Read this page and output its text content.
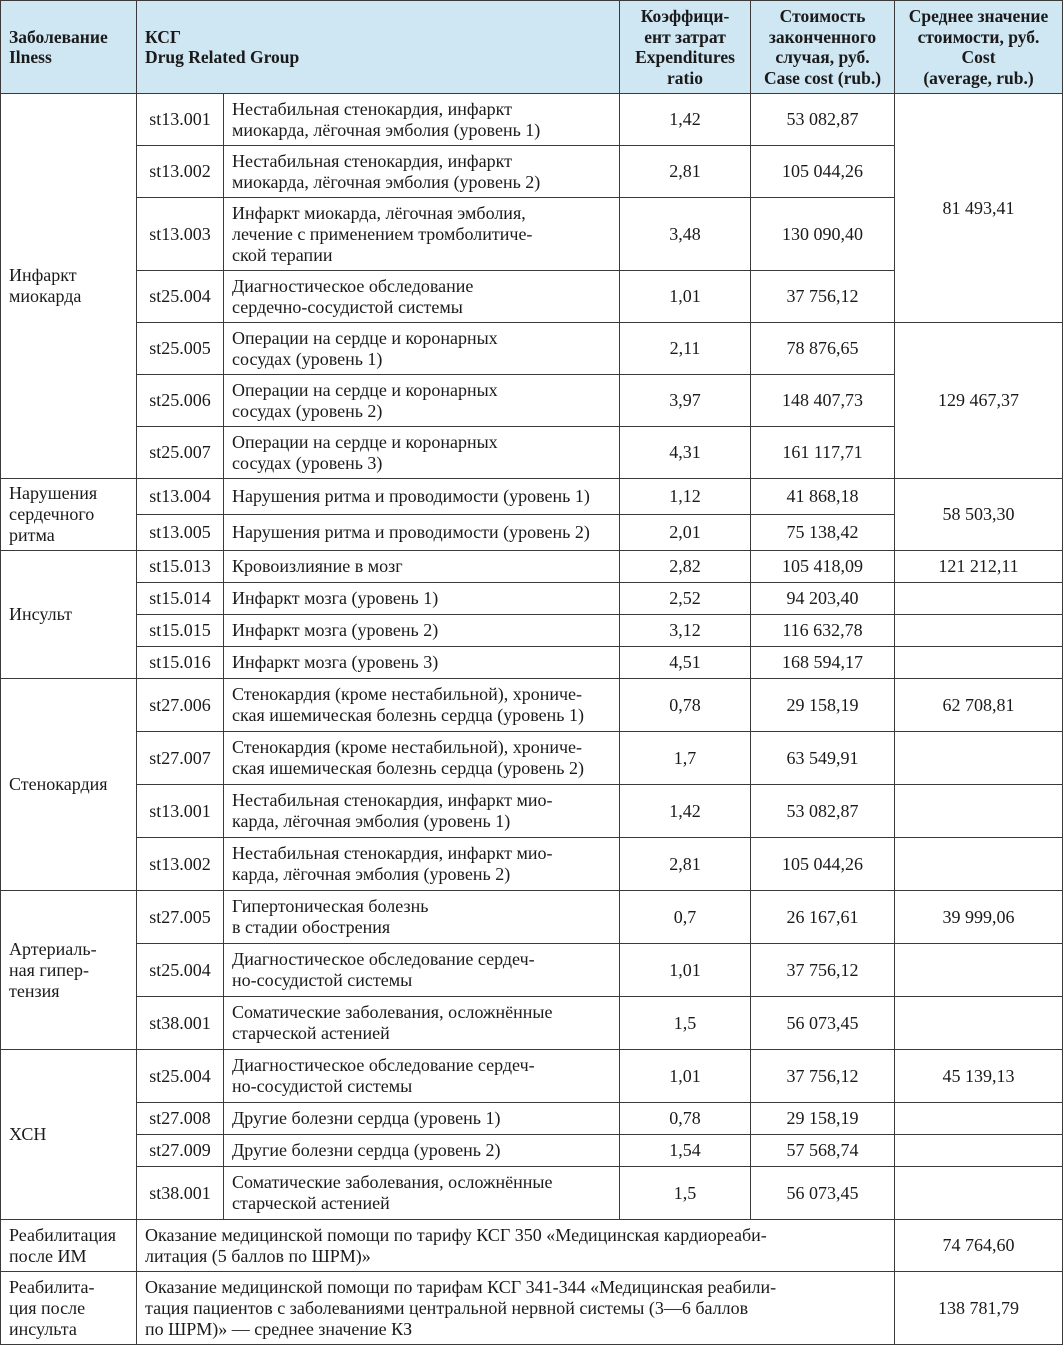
Заболевание
Ilness	КСГ
Drug Related Group		Коэффици-
ент затрат
Expenditures
ratio	Стоимость
законченного
случая, руб.
Case cost (rub.)	Среднее значение
стоимости, руб.
Cost
(average, rub.)
Инфаркт
миокарда	st13.001	Нестабильная стенокардия, инфаркт
миокарда, лёгочная эмболия (уровень 1)	1,42	53 082,87	81 493,41
	st13.002	Нестабильная стенокардия, инфаркт
миокарда, лёгочная эмболия (уровень 2)	2,81	105 044,26	
	st13.003	Инфаркт миокарда, лёгочная эмболия,
лечение с применением тромболитиче-
ской терапии	3,48	130 090,40	
	st25.004	Диагностическое обследование
сердечно-сосудистой системы	1,01	37 756,12	
	st25.005	Операции на сердце и коронарных
сосудах (уровень 1)	2,11	78 876,65	129 467,37
	st25.006	Операции на сердце и коронарных
сосудах (уровень 2)	3,97	148 407,73	
	st25.007	Операции на сердце и коронарных
сосудах (уровень 3)	4,31	161 117,71	
Нарушения
сердечного
ритма	st13.004	Нарушения ритма и проводимости (уровень 1)	1,12	41 868,18	58 503,30
	st13.005	Нарушения ритма и проводимости (уровень 2)	2,01	75 138,42	
Инсульт	st15.013	Кровоизлияние в мозг	2,82	105 418,09	121 212,11
	st15.014	Инфаркт мозга (уровень 1)	2,52	94 203,40	
	st15.015	Инфаркт мозга (уровень 2)	3,12	116 632,78	
	st15.016	Инфаркт мозга (уровень 3)	4,51	168 594,17	
Стенокардия	st27.006	Стенокардия (кроме нестабильной), хрониче-
ская ишемическая болезнь сердца (уровень 1)	0,78	29 158,19	62 708,81
	st27.007	Стенокардия (кроме нестабильной), хрониче-
ская ишемическая болезнь сердца (уровень 2)	1,7	63 549,91	
	st13.001	Нестабильная стенокардия, инфаркт мио-
карда, лёгочная эмболия (уровень 1)	1,42	53 082,87	
	st13.002	Нестабильная стенокардия, инфаркт мио-
карда, лёгочная эмболия (уровень 2)	2,81	105 044,26	
Артериаль-
ная гипер-
тензия	st27.005	Гипертоническая болезнь
в стадии обострения	0,7	26 167,61	39 999,06
	st25.004	Диагностическое обследование сердеч-
но-сосудистой системы	1,01	37 756,12	
	st38.001	Соматические заболевания, осложнённые
старческой астенией	1,5	56 073,45	
ХСН	st25.004	Диагностическое обследование сердеч-
но-сосудистой системы	1,01	37 756,12	45 139,13
	st27.008	Другие болезни сердца (уровень 1)	0,78	29 158,19	
	st27.009	Другие болезни сердца (уровень 2)	1,54	57 568,74	
	st38.001	Соматические заболевания, осложнённые
старческой астенией	1,5	56 073,45	
Реабилитация
после ИМ	Оказание медицинской помощи по тарифу КСГ 350 «Медицинская кардиореаби-
литация (5 баллов по ШРМ)»				74 764,60
Реабилита-
ция после
инсульта	Оказание медицинской помощи по тарифам КСГ 341-344 «Медицинская реабили-
тация пациентов с заболеваниями центральной нервной системы (3—6 баллов
по ШРМ)» — среднее значение КЗ				138 781,79
